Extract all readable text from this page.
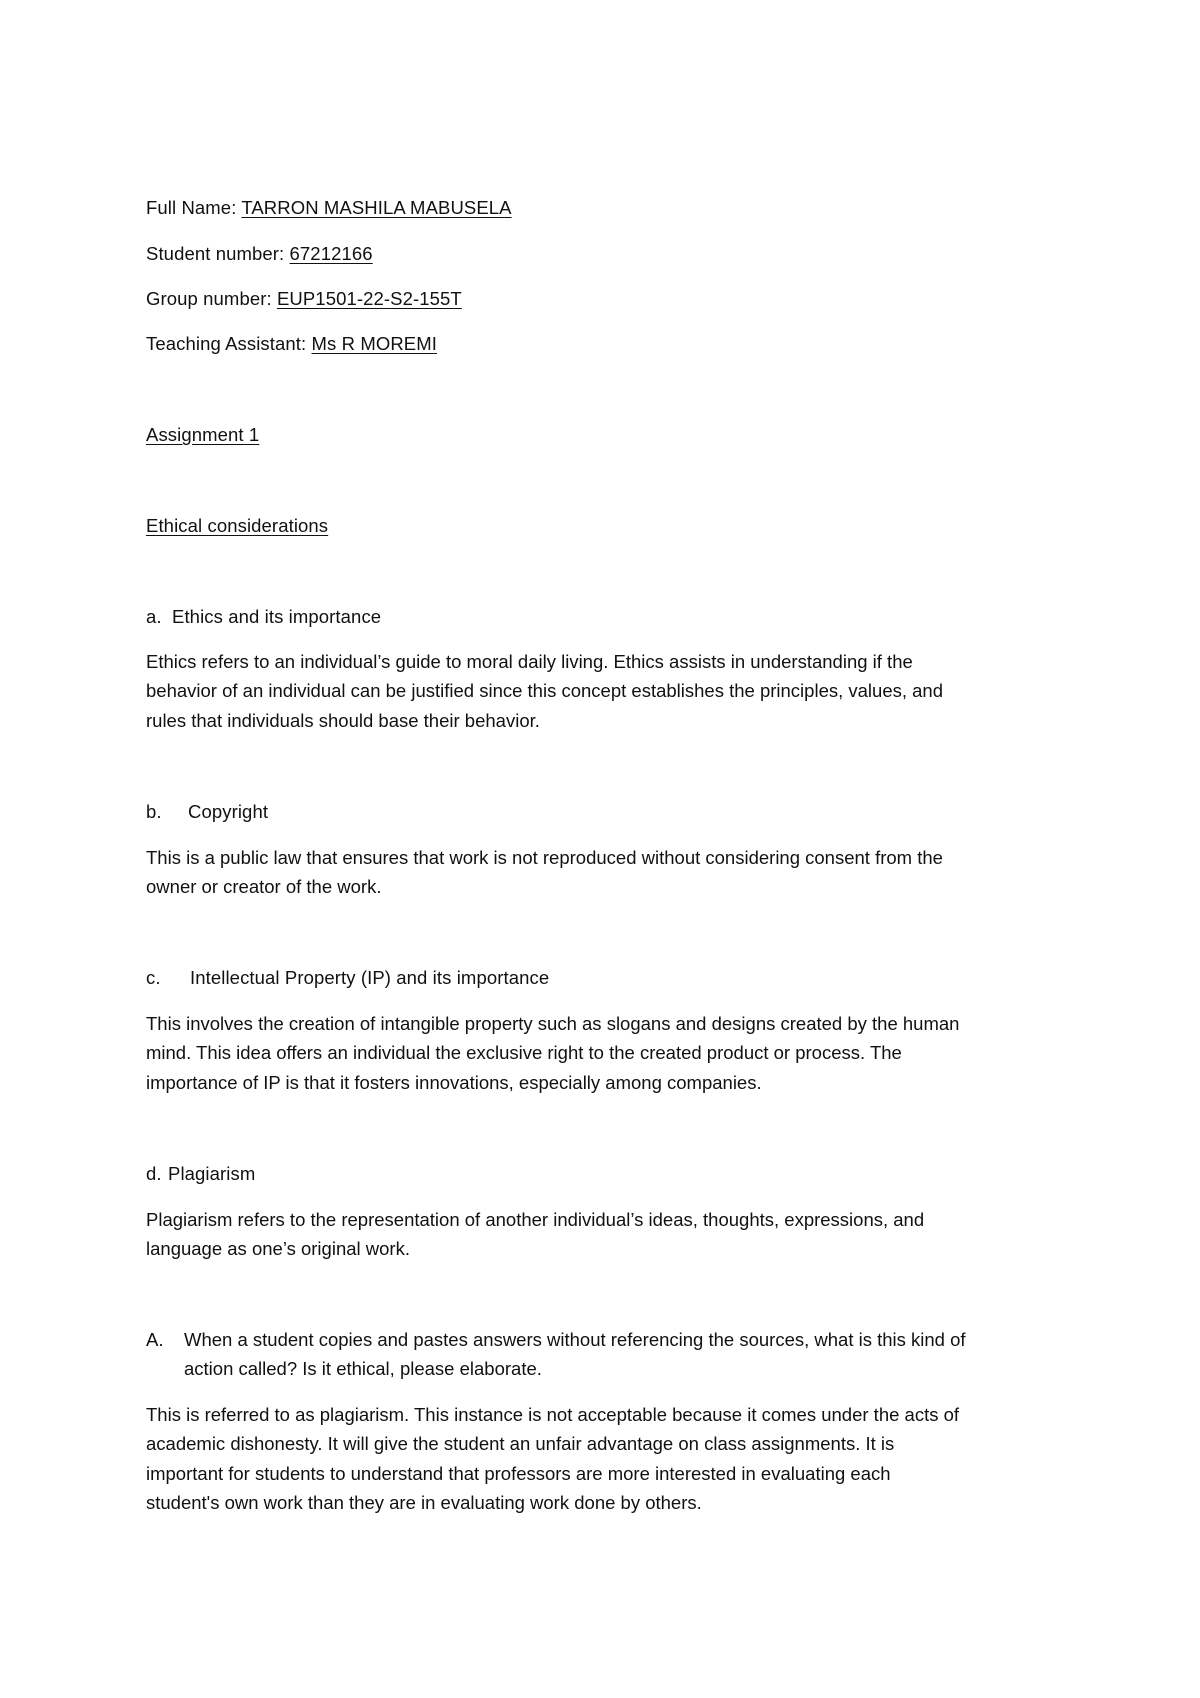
Full Name: TARRON MASHILA MABUSELA
Student number: 67212166
Group number: EUP1501-22-S2-155T
Teaching Assistant: Ms R MOREMI
Assignment 1
Ethical considerations
a. Ethics and its importance
Ethics refers to an individual’s guide to moral daily living. Ethics assists in understanding if the
behavior of an individual can be justified since this concept establishes the principles, values, and
rules that individuals should base their behavior.
b. Copyright
This is a public law that ensures that work is not reproduced without considering consent from the
owner or creator of the work.
c. Intellectual Property (IP) and its importance
This involves the creation of intangible property such as slogans and designs created by the human
mind. This idea offers an individual the exclusive right to the created product or process. The
importance of IP is that it fosters innovations, especially among companies.
d. Plagiarism
Plagiarism refers to the representation of another individual’s ideas, thoughts, expressions, and
language as one’s original work.
A. When a student copies and pastes answers without referencing the sources, what is this kind of
action called? Is it ethical, please elaborate.
This is referred to as plagiarism. This instance is not acceptable because it comes under the acts of
academic dishonesty. It will give the student an unfair advantage on class assignments. It is
important for students to understand that professors are more interested in evaluating each
student's own work than they are in evaluating work done by others.
